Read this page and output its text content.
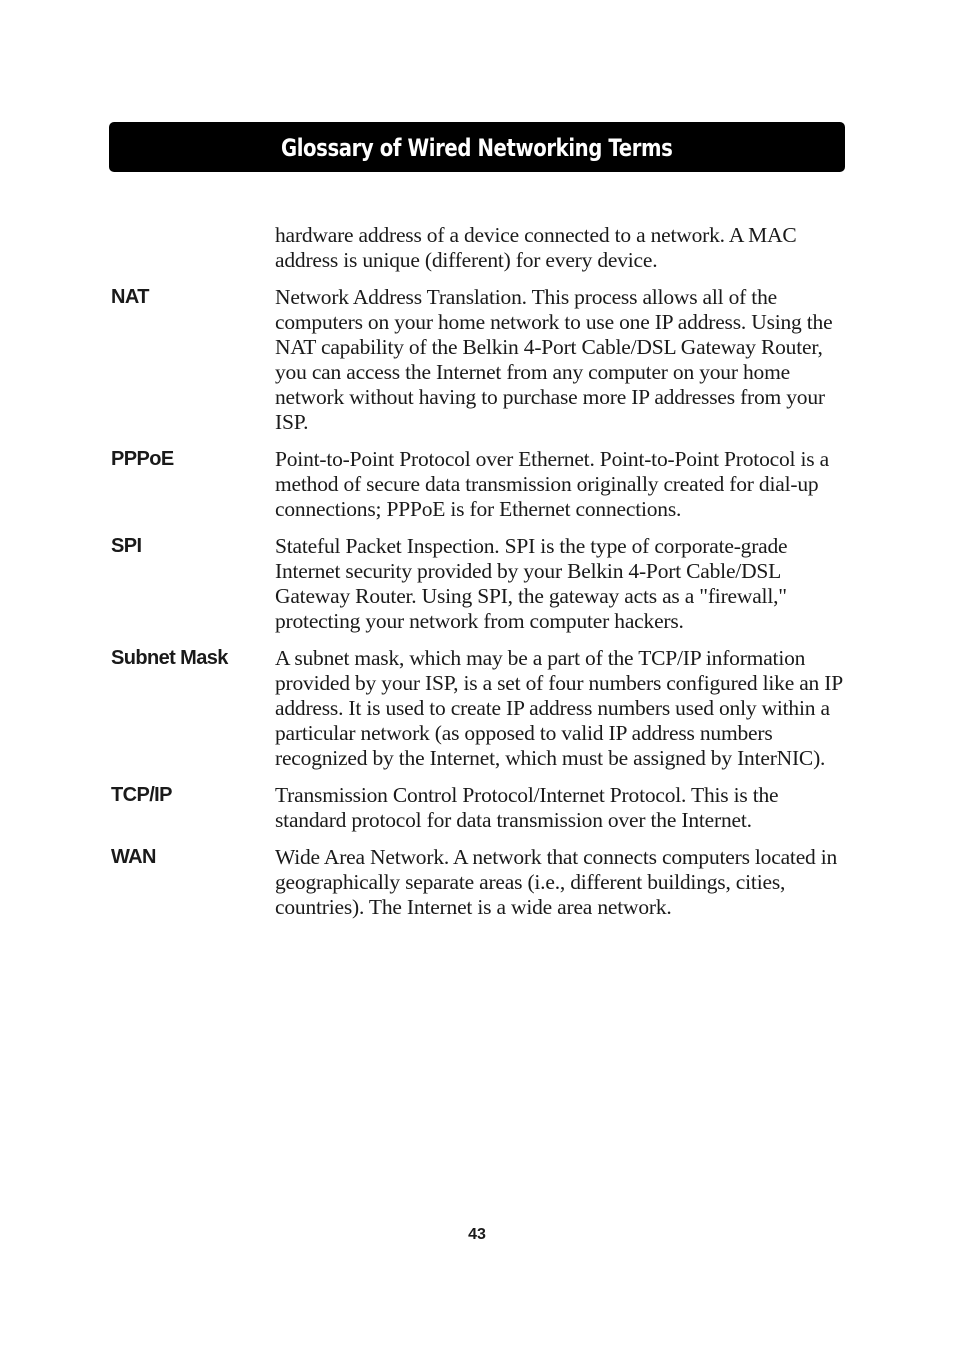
Glossary of Wired Networking Terms
hardware address of a device connected to a network. A MAC address is unique (different) for every device.
NAT	Network Address Translation. This process allows all of the computers on your home network to use one IP address. Using the NAT capability of the Belkin 4-Port Cable/DSL Gateway Router, you can access the Internet from any computer on your home network without having to purchase more IP addresses from your ISP.
PPPoE	Point-to-Point Protocol over Ethernet. Point-to-Point Protocol is a method of secure data transmission originally created for dial-up connections; PPPoE is for Ethernet connections.
SPI	Stateful Packet Inspection. SPI is the type of corporate-grade Internet security provided by your Belkin 4-Port Cable/DSL Gateway Router. Using SPI, the gateway acts as a "firewall," protecting your network from computer hackers.
Subnet Mask	A subnet mask, which may be a part of the TCP/IP information provided by your ISP, is a set of four numbers configured like an IP address. It is used to create IP address numbers used only within a particular network (as opposed to valid IP address numbers recognized by the Internet, which must be assigned by InterNIC).
TCP/IP	Transmission Control Protocol/Internet Protocol. This is the standard protocol for data transmission over the Internet.
WAN	Wide Area Network. A network that connects computers located in geographically separate areas (i.e., different buildings, cities, countries). The Internet is a wide area network.
43
